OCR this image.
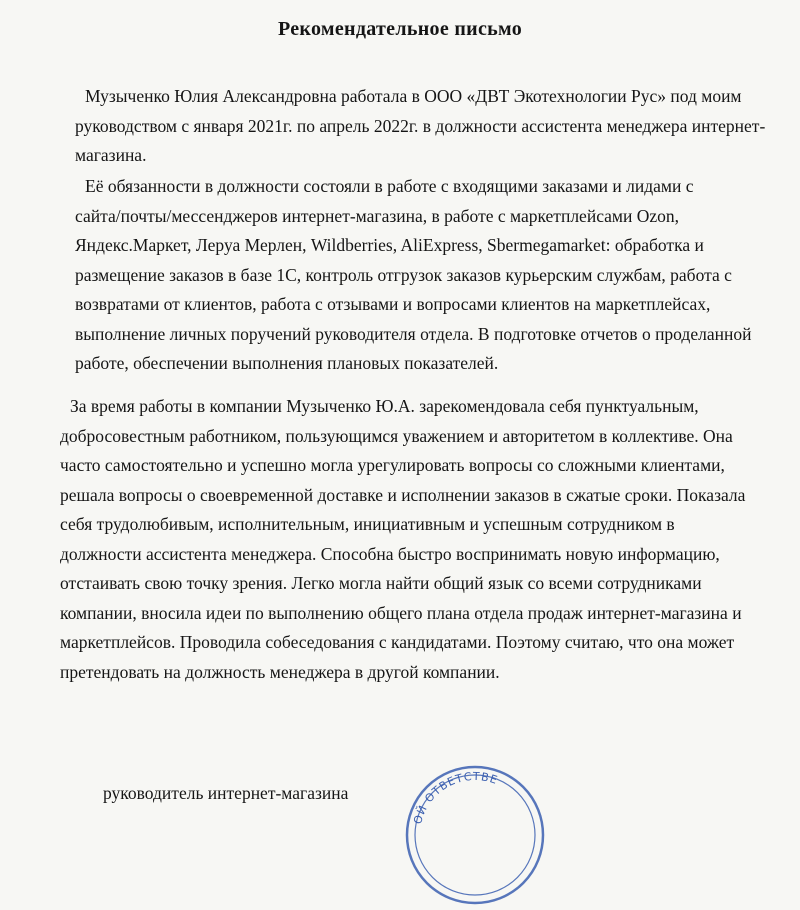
Рекомендательное письмо
Музыченко Юлия Александровна работала в ООО «ДВТ Экотехнологии Рус» под моим
руководством с января 2021г. по апрель 2022г. в должности ассистента менеджера интернет-
магазина.
Её обязанности в должности состояли в работе с входящими заказами и лидами с
сайта/почты/мессенджеров интернет-магазина, в работе с маркетплейсами Ozon,
Яндекс.Маркет, Леруа Мерлен, Wildberries, AliExpress, Sbermegamarket: обработка и
размещение заказов в базе 1С, контроль отгрузок заказов курьерским службам, работа с
возвратами от клиентов, работа с отзывами и вопросами клиентов на маркетплейсах,
выполнение личных поручений руководителя отдела. В подготовке отчетов о проделанной
работе, обеспечении выполнения плановых показателей.
За время работы в компании Музыченко Ю.А. зарекомендовала себя пунктуальным,
добросовестным работником, пользующимся уважением и авторитетом в коллективе. Она
часто самостоятельно и успешно могла урегулировать вопросы со сложными клиентами,
решала вопросы о своевременной доставке и исполнении заказов в сжатые сроки. Показала
себя трудолюбивым, исполнительным, инициативным и успешным сотрудником в
должности ассистента менеджера. Способна быстро воспринимать новую информацию,
отстаивать свою точку зрения. Легко могла найти общий язык со всеми сотрудниками
компании, вносила идеи по выполнению общего плана отдела продаж интернет-магазина и
маркетплейсов. Проводила собеседования с кандидатами. Поэтому считаю, что она может
претендовать на должность менеджера в другой компании.
руководитель интернет-магазина
ОЙ ОТВЕТСТВЕ
